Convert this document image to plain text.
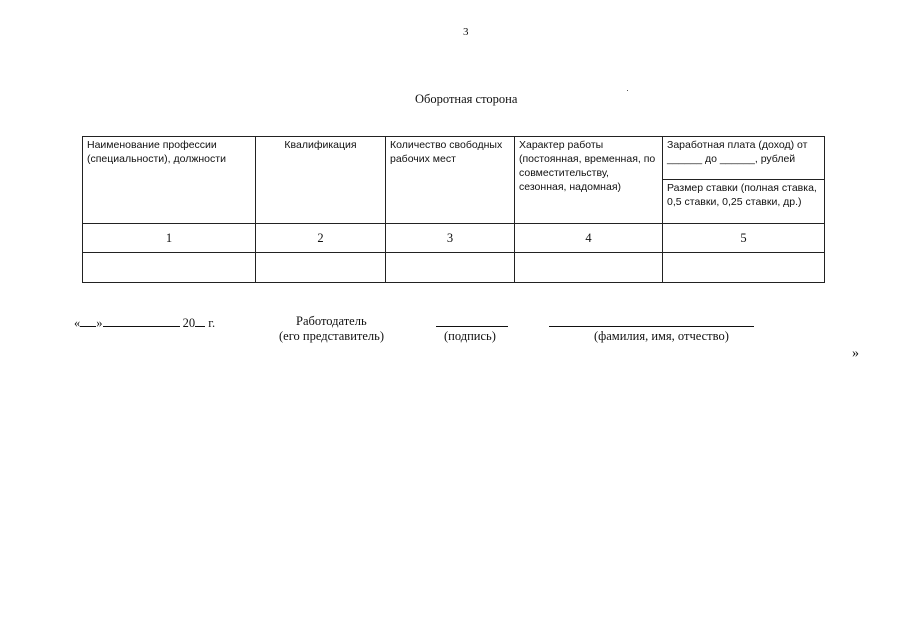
3
Оборотная сторона
Наименование профессии (специальности), должности	Квалификация	Количество свободных рабочих мест	Характер работы (постоянная, временная, по совместительству, сезонная, надомная)	Заработная плата (доход) от ______ до ______, рублей
				Размер ставки (полная ставка, 0,5 ставки, 0,25 ставки, др.)
1	2	3	4	5

« »	20 г.	Работодатель
(его представитель)	(подпись)	(фамилия, имя, отчество)
»
